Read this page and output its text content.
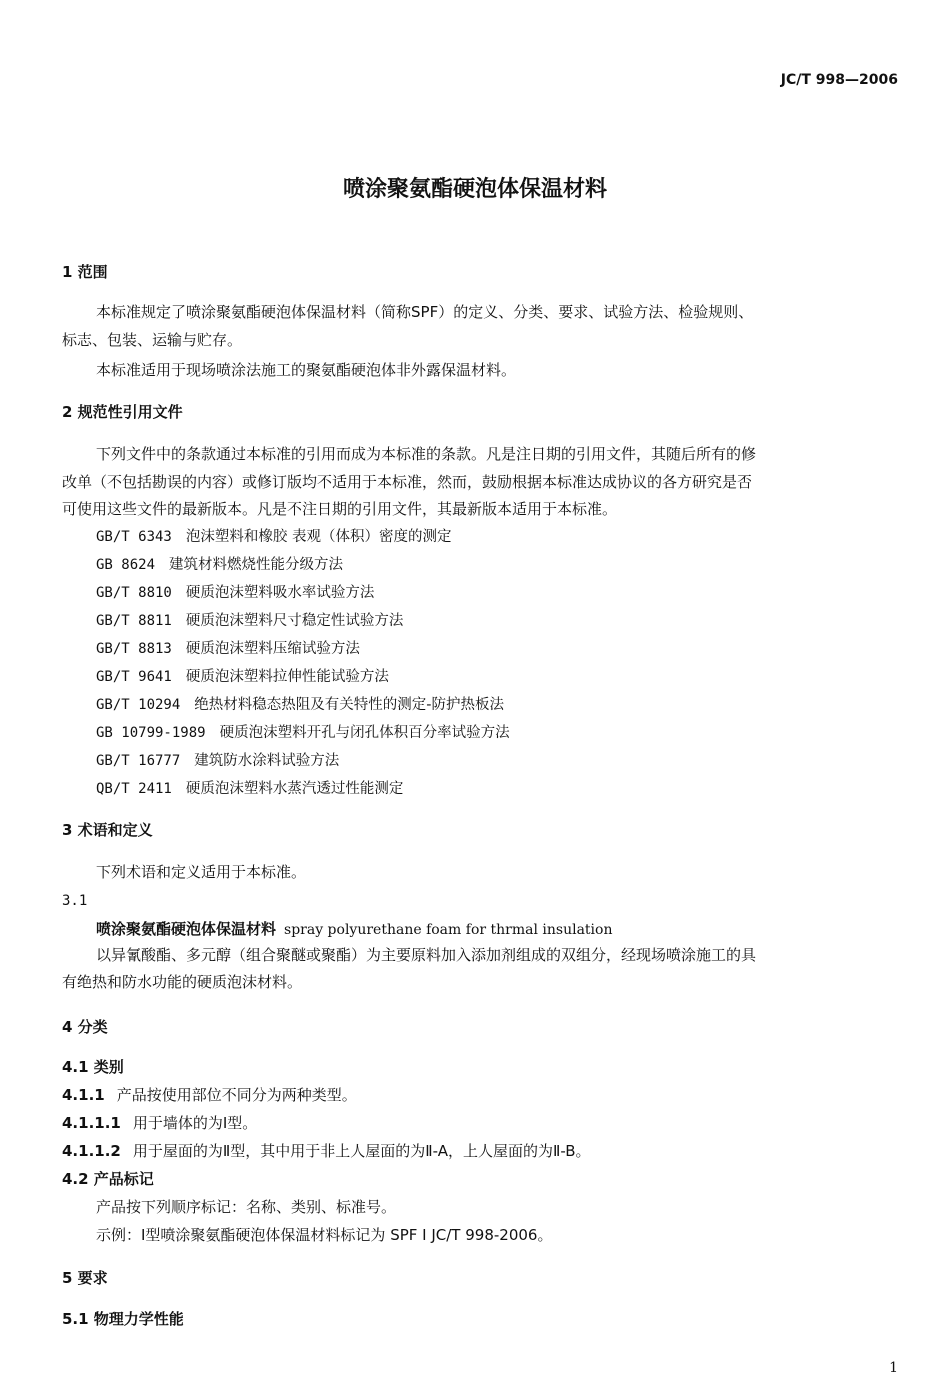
JC/T 998—2006
喷涂聚氨酯硬泡体保温材料
1 范围
本标准规定了喷涂聚氨酯硬泡体保温材料（简称SPF）的定义、分类、要求、试验方法、检验规则、
标志、包装、运输与贮存。
本标准适用于现场喷涂法施工的聚氨酯硬泡体非外露保温材料。
2 规范性引用文件
下列文件中的条款通过本标准的引用而成为本标准的条款。凡是注日期的引用文件，其随后所有的修
改单（不包括勘误的内容）或修订版均不适用于本标准，然而，鼓励根据本标准达成协议的各方研究是否
可使用这些文件的最新版本。凡是不注日期的引用文件，其最新版本适用于本标准。
GB/T 6343 泡沫塑料和橡胶 表观（体积）密度的测定
GB 8624 建筑材料燃烧性能分级方法
GB/T 8810 硬质泡沫塑料吸水率试验方法
GB/T 8811 硬质泡沫塑料尺寸稳定性试验方法
GB/T 8813 硬质泡沫塑料压缩试验方法
GB/T 9641 硬质泡沫塑料拉伸性能试验方法
GB/T 10294 绝热材料稳态热阻及有关特性的测定-防护热板法
GB 10799-1989 硬质泡沫塑料开孔与闭孔体积百分率试验方法
GB/T 16777 建筑防水涂料试验方法
QB/T 2411 硬质泡沫塑料水蒸汽透过性能测定
3 术语和定义
下列术语和定义适用于本标准。
3.1
喷涂聚氨酯硬泡体保温材料 spray polyurethane foam for thrmal insulation
以异氰酸酯、多元醇（组合聚醚或聚酯）为主要原料加入添加剂组成的双组分，经现场喷涂施工的具
有绝热和防水功能的硬质泡沫材料。
4 分类
4.1 类别
4.1.1 产品按使用部位不同分为两种类型。
4.1.1.1 用于墙体的为Ⅰ型。
4.1.1.2 用于屋面的为Ⅱ型，其中用于非上人屋面的为Ⅱ-A，上人屋面的为Ⅱ-B。
4.2 产品标记
产品按下列顺序标记：名称、类别、标准号。
示例：Ⅰ型喷涂聚氨酯硬泡体保温材料标记为 SPF Ⅰ JC/T 998-2006。
5 要求
5.1 物理力学性能
1
